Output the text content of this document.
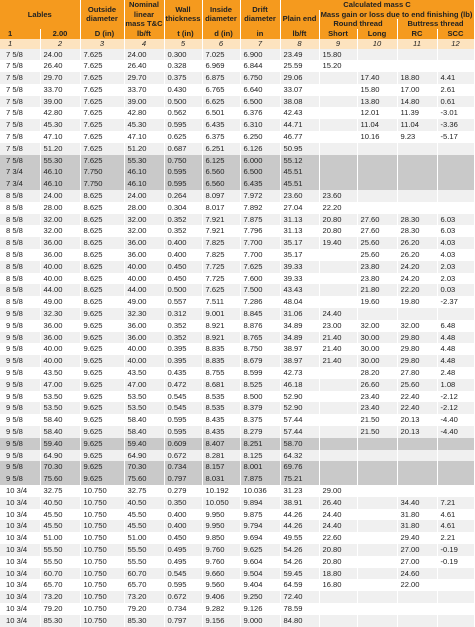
Lables		Outside diameter	Nominal linear mass T&C	Wall thickness	Inside diameter	Drift diameter	Calculated mass C				
							Plain end	Mass gain or loss due to end finishing (lb)			
								Round thread		Buttress thread	
1	2.00	D (in)	lb/ft	t (in)	d (in)	in	lb/ft	Short	Long	RC	SCC
1	2	3	4	5	6	7	8	9	10	11	12
7 5/8	24.00	7.625	24.00	0.300	7.025	6.900	23.49	15.80			
7 5/8	26.40	7.625	26.40	0.328	6.969	6.844	25.59	15.20			
7 5/8	29.70	7.625	29.70	0.375	6.875	6.750	29.06		17.40	18.80	4.41
7 5/8	33.70	7.625	33.70	0.430	6.765	6.640	33.07		15.80	17.00	2.61
7 5/8	39.00	7.625	39.00	0.500	6.625	6.500	38.08		13.80	14.80	0.61
7 5/8	42.80	7.625	42.80	0.562	6.501	6.376	42.43		12.01	11.39	-3.01
7 5/8	45.30	7.625	45.30	0.595	6.435	6.310	44.71		11.04	11.04	-3.36
7 5/8	47.10	7.625	47.10	0.625	6.375	6.250	46.77		10.16	9.23	-5.17
7 5/8	51.20	7.625	51.20	0.687	6.251	6.126	50.95				
7 5/8	55.30	7.625	55.30	0.750	6.125	6.000	55.12				
7 3/4	46.10	7.750	46.10	0.595	6.560	6.500	45.51				
7 3/4	46.10	7.750	46.10	0.595	6.560	6.435	45.51				
8 5/8	24.00	8.625	24.00	0.264	8.097	7.972	23.60	23.60			
8 5/8	28.00	8.625	28.00	0.304	8.017	7.892	27.04	22.20			
8 5/8	32.00	8.625	32.00	0.352	7.921	7.875	31.13	20.80	27.60	28.30	6.03
8 5/8	32.00	8.625	32.00	0.352	7.921	7.796	31.13	20.80	27.60	28.30	6.03
8 5/8	36.00	8.625	36.00	0.400	7.825	7.700	35.17	19.40	25.60	26.20	4.03
8 5/8	36.00	8.625	36.00	0.400	7.825	7.700	35.17		25.60	26.20	4.03
8 5/8	40.00	8.625	40.00	0.450	7.725	7.625	39.33		23.80	24.20	2.03
8 5/8	40.00	8.625	40.00	0.450	7.725	7.600	39.33		23.80	24.20	2.03
8 5/8	44.00	8.625	44.00	0.500	7.625	7.500	43.43		21.80	22.20	0.03
8 5/8	49.00	8.625	49.00	0.557	7.511	7.286	48.04		19.60	19.80	-2.37
9 5/8	32.30	9.625	32.30	0.312	9.001	8.845	31.06	24.40			
9 5/8	36.00	9.625	36.00	0.352	8.921	8.876	34.89	23.00	32.00	32.00	6.48
9 5/8	36.00	9.625	36.00	0.352	8.921	8.765	34.89	21.40	30.00	29.80	4.48
9 5/8	40.00	9.625	40.00	0.395	8.835	8.750	38.97	21.40	30.00	29.80	4.48
9 5/8	40.00	9.625	40.00	0.395	8.835	8.679	38.97	21.40	30.00	29.80	4.48
9 5/8	43.50	9.625	43.50	0.435	8.755	8.599	42.73		28.20	27.80	2.48
9 5/8	47.00	9.625	47.00	0.472	8.681	8.525	46.18		26.60	25.60	1.08
9 5/8	53.50	9.625	53.50	0.545	8.535	8.500	52.90		23.40	22.40	-2.12
9 5/8	53.50	9.625	53.50	0.545	8.535	8.379	52.90		23.40	22.40	-2.12
9 5/8	58.40	9.625	58.40	0.595	8.435	8.375	57.44		21.50	20.13	-4.40
9 5/8	58.40	9.625	58.40	0.595	8.435	8.279	57.44		21.50	20.13	-4.40
9 5/8	59.40	9.625	59.40	0.609	8.407	8.251	58.70				
9 5/8	64.90	9.625	64.90	0.672	8.281	8.125	64.32				
9 5/8	70.30	9.625	70.30	0.734	8.157	8.001	69.76				
9 5/8	75.60	9.625	75.60	0.797	8.031	7.875	75.21				
10 3/4	32.75	10.750	32.75	0.279	10.192	10.036	31.23	29.00			
10 3/4	40.50	10.750	40.50	0.350	10.050	9.894	38.91	26.40		34.40	7.21
10 3/4	45.50	10.750	45.50	0.400	9.950	9.875	44.26	24.40		31.80	4.61
10 3/4	45.50	10.750	45.50	0.400	9.950	9.794	44.26	24.40		31.80	4.61
10 3/4	51.00	10.750	51.00	0.450	9.850	9.694	49.55	22.60		29.40	2.21
10 3/4	55.50	10.750	55.50	0.495	9.760	9.625	54.26	20.80		27.00	-0.19
10 3/4	55.50	10.750	55.50	0.495	9.760	9.604	54.26	20.80		27.00	-0.19
10 3/4	60.70	10.750	60.70	0.545	9.660	9.504	59.45	18.80		24.60	
10 3/4	65.70	10.750	65.70	0.595	9.560	9.404	64.59	16.80		22.00	
10 3/4	73.20	10.750	73.20	0.672	9.406	9.250	72.40				
10 3/4	79.20	10.750	79.20	0.734	9.282	9.126	78.59				
10 3/4	85.30	10.750	85.30	0.797	9.156	9.000	84.80				
